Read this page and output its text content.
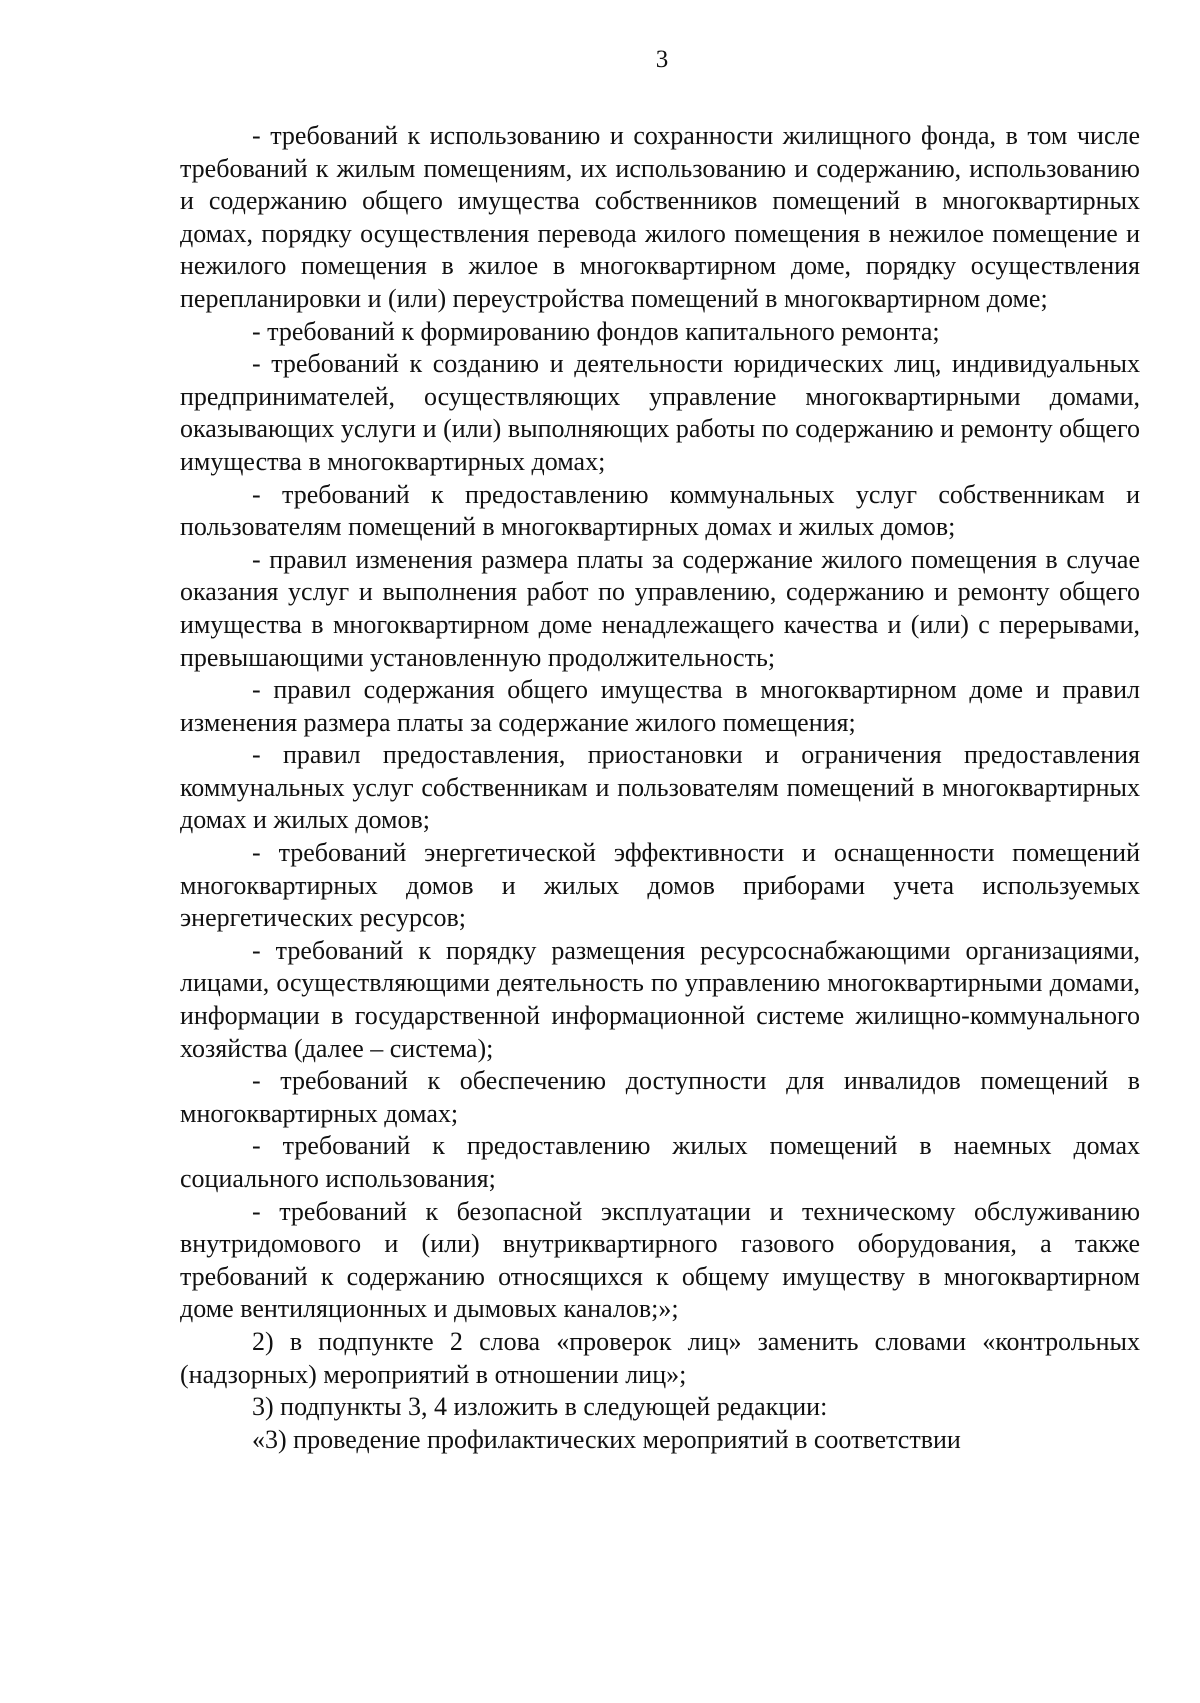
3

- требований к использованию и сохранности жилищного фонда, в том числе требований к жилым помещениям, их использованию и содержанию, использованию и содержанию общего имущества собственников помещений в многоквартирных домах, порядку осуществления перевода жилого помещения в нежилое помещение и нежилого помещения в жилое в многоквартирном доме, порядку осуществления перепланировки и (или) переустройства помещений в многоквартирном доме;

- требований к формированию фондов капитального ремонта;

- требований к созданию и деятельности юридических лиц, индивидуальных предпринимателей, осуществляющих управление многоквартирными домами, оказывающих услуги и (или) выполняющих работы по содержанию и ремонту общего имущества в многоквартирных домах;

- требований к предоставлению коммунальных услуг собственникам и пользователям помещений в многоквартирных домах и жилых домов;

- правил изменения размера платы за содержание жилого помещения в случае оказания услуг и выполнения работ по управлению, содержанию и ремонту общего имущества в многоквартирном доме ненадлежащего качества и (или) с перерывами, превышающими установленную продолжительность;

- правил содержания общего имущества в многоквартирном доме и правил изменения размера платы за содержание жилого помещения;

- правил предоставления, приостановки и ограничения предоставления коммунальных услуг собственникам и пользователям помещений в многоквартирных домах и жилых домов;

- требований энергетической эффективности и оснащенности помещений многоквартирных домов и жилых домов приборами учета используемых энергетических ресурсов;

- требований к порядку размещения ресурсоснабжающими организациями, лицами, осуществляющими деятельность по управлению многоквартирными домами, информации в государственной информационной системе жилищно-коммунального хозяйства (далее – система);

- требований к обеспечению доступности для инвалидов помещений в многоквартирных домах;

- требований к предоставлению жилых помещений в наемных домах социального использования;

- требований к безопасной эксплуатации и техническому обслуживанию внутридомового и (или) внутриквартирного газового оборудования, а также требований к содержанию относящихся к общему имуществу в многоквартирном доме вентиляционных и дымовых каналов;»;

2) в подпункте 2 слова «проверок лиц» заменить словами «контрольных (надзорных) мероприятий в отношении лиц»;

3) подпункты 3, 4 изложить в следующей редакции:

«3) проведение профилактических мероприятий в соответствии
